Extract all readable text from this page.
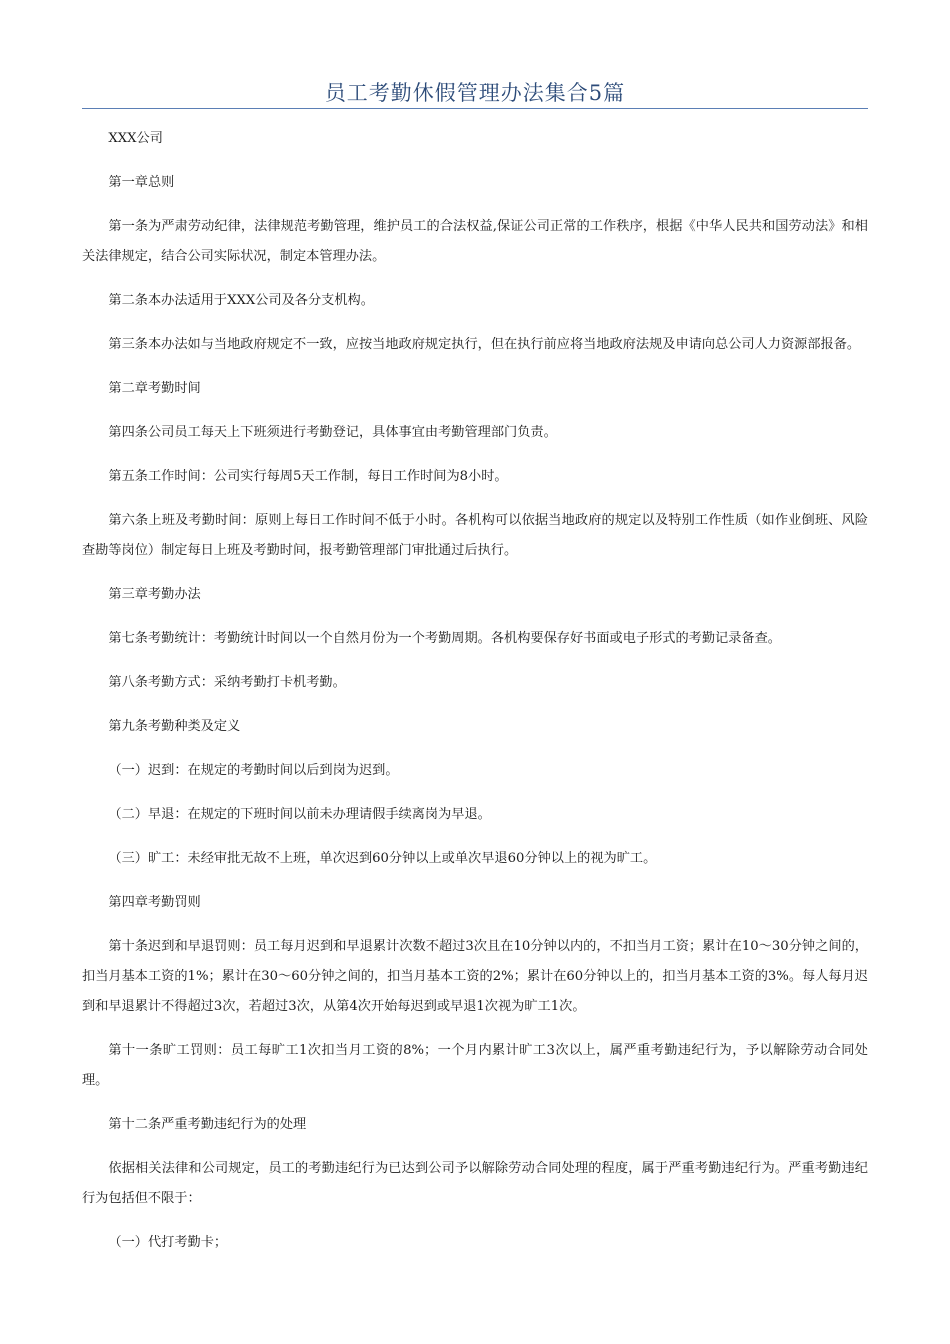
员工考勤休假管理办法集合5篇

XXX公司

第一章总则

第一条为严肃劳动纪律，法律规范考勤管理，维护员工的合法权益,保证公司正常的工作秩序，根据《中华人民共和国劳动法》和相关法律规定，结合公司实际状况，制定本管理办法。

第二条本办法适用于XXX公司及各分支机构。

第三条本办法如与当地政府规定不一致，应按当地政府规定执行，但在执行前应将当地政府法规及申请向总公司人力资源部报备。

第二章考勤时间

第四条公司员工每天上下班须进行考勤登记，具体事宜由考勤管理部门负责。

第五条工作时间：公司实行每周5天工作制，每日工作时间为8小时。

第六条上班及考勤时间：原则上每日工作时间不低于小时。各机构可以依据当地政府的规定以及特别工作性质（如作业倒班、风险查勘等岗位）制定每日上班及考勤时间，报考勤管理部门审批通过后执行。

第三章考勤办法

第七条考勤统计：考勤统计时间以一个自然月份为一个考勤周期。各机构要保存好书面或电子形式的考勤记录备查。

第八条考勤方式：采纳考勤打卡机考勤。

第九条考勤种类及定义

（一）迟到：在规定的考勤时间以后到岗为迟到。

（二）早退：在规定的下班时间以前未办理请假手续离岗为早退。

（三）旷工：未经审批无故不上班，单次迟到60分钟以上或单次早退60分钟以上的视为旷工。

第四章考勤罚则

第十条迟到和早退罚则：员工每月迟到和早退累计次数不超过3次且在10分钟以内的，不扣当月工资；累计在10～30分钟之间的，扣当月基本工资的1%；累计在30～60分钟之间的，扣当月基本工资的2%；累计在60分钟以上的，扣当月基本工资的3%。每人每月迟到和早退累计不得超过3次，若超过3次，从第4次开始每迟到或早退1次视为旷工1次。

第十一条旷工罚则：员工每旷工1次扣当月工资的8%；一个月内累计旷工3次以上，属严重考勤违纪行为，予以解除劳动合同处理。

第十二条严重考勤违纪行为的处理

依据相关法律和公司规定，员工的考勤违纪行为已达到公司予以解除劳动合同处理的程度，属于严重考勤违纪行为。严重考勤违纪行为包括但不限于：

（一）代打考勤卡；
